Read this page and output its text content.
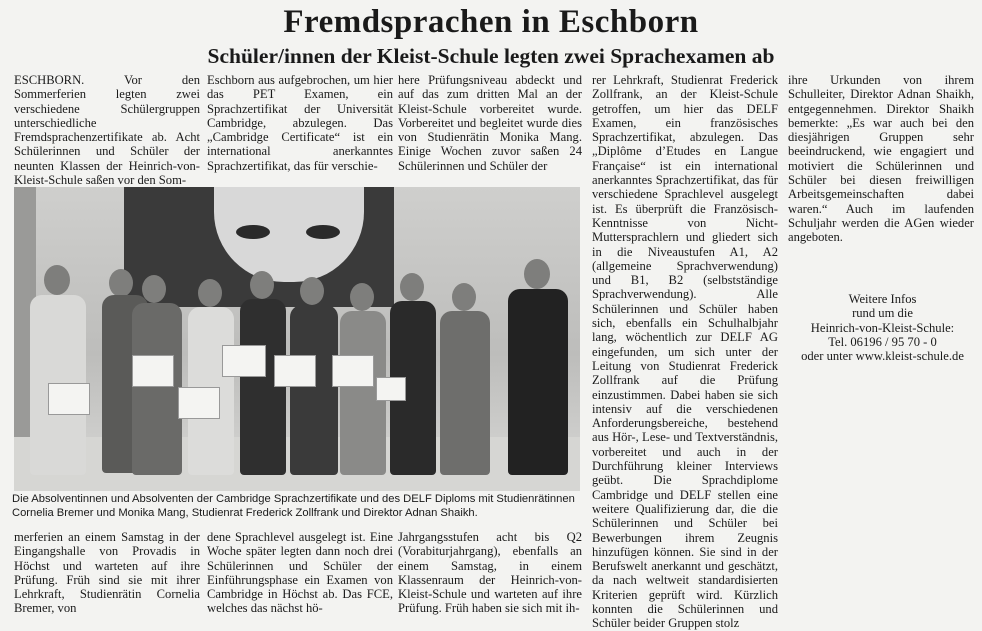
Fremdsprachen in Eschborn
Schüler/innen der Kleist-Schule legten zwei Sprachexamen ab

ESCHBORN. Vor den Sommerferien legten zwei verschiedene Schülergruppen unterschiedliche Fremdsprachenzertifikate ab. Acht Schülerinnen und Schüler der neunten Klassen der Heinrich-von-Kleist-Schule saßen vor den Som-

Eschborn aus aufgebrochen, um hier das PET Examen, ein Sprachzertifikat der Universität Cambridge, abzulegen. Das „Cambridge Certificate“ ist ein international anerkanntes Sprachzertifikat, das für verschie-

here Prüfungsniveau abdeckt und auf das zum dritten Mal an der Kleist-Schule vorbereitet wurde. Vorbereitet und begleitet wurde dies von Studienrätin Monika Mang. Einige Wochen zuvor saßen 24 Schülerinnen und Schüler der

Die Absolventinnen und Absolventen der Cambridge Sprachzertifikate und des DELF Diploms mit Studienrätinnen Cornelia Bremer und Monika Mang, Studienrat Frederick Zollfrank und Direktor Adnan Shaikh.

merferien an einem Samstag in der Eingangshalle von Provadis in Höchst und warteten auf ihre Prüfung. Früh sind sie mit ihrer Lehrkraft, Studienrätin Cornelia Bremer, von

dene Sprachlevel ausgelegt ist. Eine Woche später legten dann noch drei Schülerinnen und Schüler der Einführungsphase ein Examen von Cambridge in Höchst ab. Das FCE, welches das nächst hö-

Jahrgangsstufen acht bis Q2 (Vorabiturjahrgang), ebenfalls an einem Samstag, in einem Klassenraum der Heinrich-von-Kleist-Schule und warteten auf ihre Prüfung. Früh haben sie sich mit ih-

rer Lehrkraft, Studienrat Frederick Zollfrank, an der Kleist-Schule getroffen, um hier das DELF Examen, ein französisches Sprachzertifikat, abzulegen. Das „Diplôme d’Etudes en Langue Française“ ist ein international anerkanntes Sprachzertifikat, das für verschiedene Sprachlevel ausgelegt ist. Es überprüft die Französisch-Kenntnisse von Nicht-Muttersprachlern und gliedert sich in die Niveaustufen A1, A2 (allgemeine Sprachverwendung) und B1, B2 (selbstständige Sprachverwendung). Alle Schülerinnen und Schüler haben sich, ebenfalls ein Schulhalbjahr lang, wöchentlich zur DELF AG eingefunden, um sich unter der Leitung von Studienrat Frederick Zollfrank auf die Prüfung einzustimmen. Dabei haben sie sich intensiv auf die verschiedenen Anforderungsbereiche, bestehend aus Hör-, Lese- und Textverständnis, vorbereitet und auch in der Durchführung kleiner Interviews geübt. Die Sprachdiplome Cambridge und DELF stellen eine weitere Qualifizierung dar, die die Schülerinnen und Schüler bei Bewerbungen ihrem Zeugnis hinzufügen können. Sie sind in der Berufswelt anerkannt und geschätzt, da nach weltweit standardisierten Kriterien geprüft wird. Kürzlich konnten die Schülerinnen und Schüler beider Gruppen stolz

ihre Urkunden von ihrem Schulleiter, Direktor Adnan Shaikh, entgegennehmen. Direktor Shaikh bemerkte: „Es war auch bei den diesjährigen Gruppen sehr beeindruckend, wie engagiert und motiviert die Schülerinnen und Schüler bei diesen freiwilligen Arbeitsgemeinschaften dabei waren.“ Auch im laufenden Schuljahr werden die AGen wieder angeboten.

Weitere Infos
rund um die
Heinrich-von-Kleist-Schule:
Tel. 06196 / 95 70 - 0
oder unter www.kleist-schule.de
